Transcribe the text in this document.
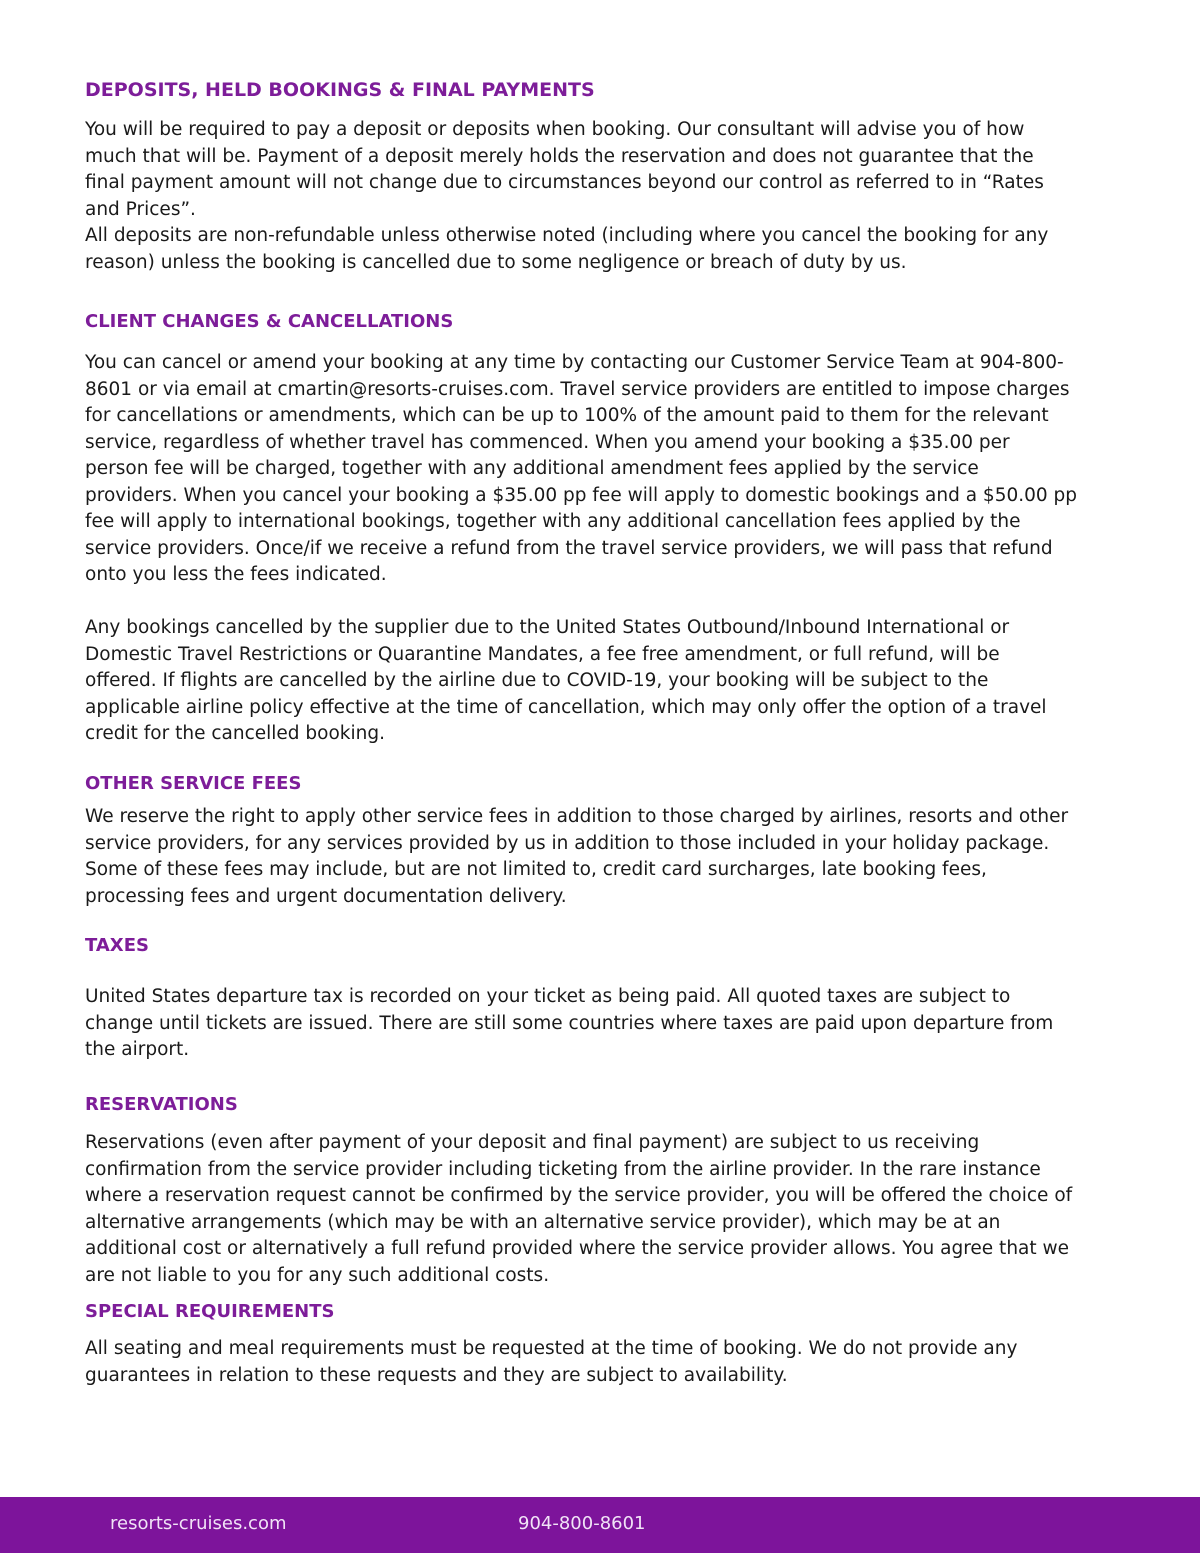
DEPOSITS, HELD BOOKINGS & FINAL PAYMENTS

You will be required to pay a deposit or deposits when booking. Our consultant will advise you of how
much that will be. Payment of a deposit merely holds the reservation and does not guarantee that the
final payment amount will not change due to circumstances beyond our control as referred to in “Rates
and Prices”.
All deposits are non-refundable unless otherwise noted (including where you cancel the booking for any
reason) unless the booking is cancelled due to some negligence or breach of duty by us.

CLIENT CHANGES & CANCELLATIONS

You can cancel or amend your booking at any time by contacting our Customer Service Team at 904-800-
8601 or via email at cmartin@resorts-cruises.com. Travel service providers are entitled to impose charges
for cancellations or amendments, which can be up to 100% of the amount paid to them for the relevant
service, regardless of whether travel has commenced. When you amend your booking a $35.00 per
person fee will be charged, together with any additional amendment fees applied by the service
providers. When you cancel your booking a $35.00 pp fee will apply to domestic bookings and a $50.00 pp
fee will apply to international bookings, together with any additional cancellation fees applied by the
service providers. Once/if we receive a refund from the travel service providers, we will pass that refund
onto you less the fees indicated.

Any bookings cancelled by the supplier due to the United States Outbound/Inbound International or
Domestic Travel Restrictions or Quarantine Mandates, a fee free amendment, or full refund, will be
offered. If flights are cancelled by the airline due to COVID-19, your booking will be subject to the
applicable airline policy effective at the time of cancellation, which may only offer the option of a travel
credit for the cancelled booking.

OTHER SERVICE FEES

We reserve the right to apply other service fees in addition to those charged by airlines, resorts and other
service providers, for any services provided by us in addition to those included in your holiday package.
Some of these fees may include, but are not limited to, credit card surcharges, late booking fees,
processing fees and urgent documentation delivery.

TAXES

United States departure tax is recorded on your ticket as being paid. All quoted taxes are subject to
change until tickets are issued. There are still some countries where taxes are paid upon departure from
the airport.

RESERVATIONS

Reservations (even after payment of your deposit and final payment) are subject to us receiving
confirmation from the service provider including ticketing from the airline provider. In the rare instance
where a reservation request cannot be confirmed by the service provider, you will be offered the choice of
alternative arrangements (which may be with an alternative service provider), which may be at an
additional cost or alternatively a full refund provided where the service provider allows. You agree that we
are not liable to you for any such additional costs.

SPECIAL REQUIREMENTS

All seating and meal requirements must be requested at the time of booking. We do not provide any
guarantees in relation to these requests and they are subject to availability.

resorts-cruises.com	904-800-8601
